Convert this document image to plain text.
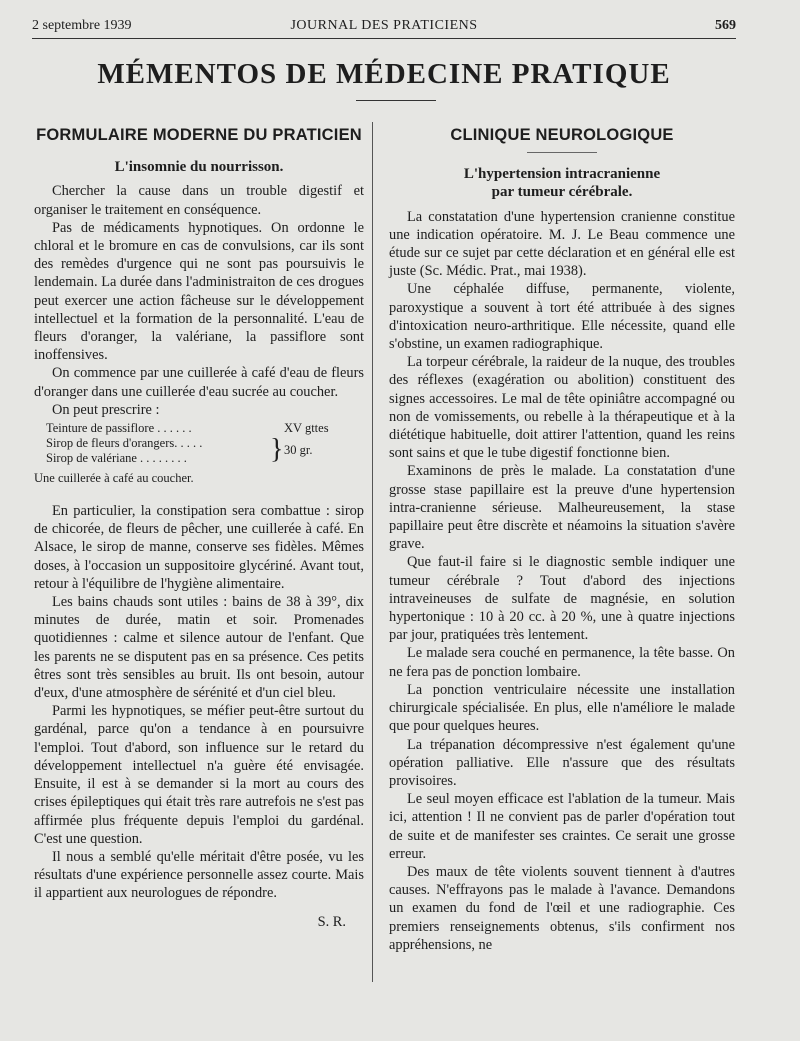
2 septembre 1939	JOURNAL DES PRATICIENS	569
MÉMENTOS DE MÉDECINE PRATIQUE
FORMULAIRE MODERNE DU PRATICIEN
L'insomnie du nourrisson.

Chercher la cause dans un trouble digestif et organiser le traitement en conséquence.

Pas de médicaments hypnotiques. On ordonne le chloral et le bromure en cas de convulsions, car ils sont des remèdes d'urgence qui ne sont pas poursuivis le lendemain. La durée dans l'administraiton de ces drogues peut exercer une action fâcheuse sur le développement intellectuel et la formation de la personnalité. L'eau de fleurs d'oranger, la valériane, la passiflore sont inoffensives.

On commence par une cuillerée à café d'eau de fleurs d'oranger dans une cuillerée d'eau sucrée au coucher.

On peut prescrire :

Teinture de passiflore . . . . . .	XV gttes
Sirop de fleurs d'orangers. . . . .
Sirop de valériane . . . . . . . .	} 30 gr.

Une cuillerée à café au coucher.

En particulier, la constipation sera combattue : sirop de chicorée, de fleurs de pêcher, une cuillerée à café. En Alsace, le sirop de manne, conserve ses fidèles. Mêmes doses, à l'occasion un suppositoire glycériné. Avant tout, retour à l'équilibre de l'hygiène alimentaire.

Les bains chauds sont utiles : bains de 38 à 39°, dix minutes de durée, matin et soir. Promenades quotidiennes : calme et silence autour de l'enfant. Que les parents ne se disputent pas en sa présence. Ces petits êtres sont très sensibles au bruit. Ils ont besoin, autour d'eux, d'une atmosphère de sérénité et d'un ciel bleu.

Parmi les hypnotiques, se méfier peut-être surtout du gardénal, parce qu'on a tendance à en poursuivre l'emploi. Tout d'abord, son influence sur le retard du développement intellectuel n'a guère été envisagée. Ensuite, il est à se demander si la mort au cours des crises épileptiques qui était très rare autrefois ne s'est pas affirmée plus fréquente depuis l'emploi du gardénal. C'est une question.

Il nous a semblé qu'elle méritait d'être posée, vu les résultats d'une expérience personnelle assez courte. Mais il appartient aux neurologues de répondre.

S. R.

CLINIQUE NEUROLOGIQUE
L'hypertension intracranienne
par tumeur cérébrale.

La constatation d'une hypertension cranienne constitue une indication opératoire. M. J. Le Beau commence une étude sur ce sujet par cette déclaration et en général elle est juste (Sc. Médic. Prat., mai 1938).

Une céphalée diffuse, permanente, violente, paroxystique a souvent à tort été attribuée à des signes d'intoxication neuro-arthritique. Elle nécessite, quand elle s'obstine, un examen radiographique.

La torpeur cérébrale, la raideur de la nuque, des troubles des réflexes (exagération ou abolition) constituent des signes accessoires. Le mal de tête opiniâtre accompagné ou non de vomissements, ou rebelle à la thérapeutique et à la diététique habituelle, doit attirer l'attention, quand les reins sont sains et que le tube digestif fonctionne bien.

Examinons de près le malade. La constatation d'une grosse stase papillaire est la preuve d'une hypertension intra-cranienne sérieuse. Malheureusement, la stase papillaire peut être discrète et néamoins la situation s'avère grave.

Que faut-il faire si le diagnostic semble indiquer une tumeur cérébrale ? Tout d'abord des injections intraveineuses de sulfate de magnésie, en solution hypertonique : 10 à 20 cc. à 20 %, une à quatre injections par jour, pratiquées très lentement.

Le malade sera couché en permanence, la tête basse. On ne fera pas de ponction lombaire.

La ponction ventriculaire nécessite une installation chirurgicale spécialisée. En plus, elle n'améliore le malade que pour quelques heures.

La trépanation décompressive n'est également qu'une opération palliative. Elle n'assure que des résultats provisoires.

Le seul moyen efficace est l'ablation de la tumeur. Mais ici, attention ! Il ne convient pas de parler d'opération tout de suite et de manifester ses craintes. Ce serait une grosse erreur.

Des maux de tête violents souvent tiennent à d'autres causes. N'effrayons pas le malade à l'avance. Demandons un examen du fond de l'œil et une radiographie. Ces premiers renseignements obtenus, s'ils confirment nos appréhensions, ne
